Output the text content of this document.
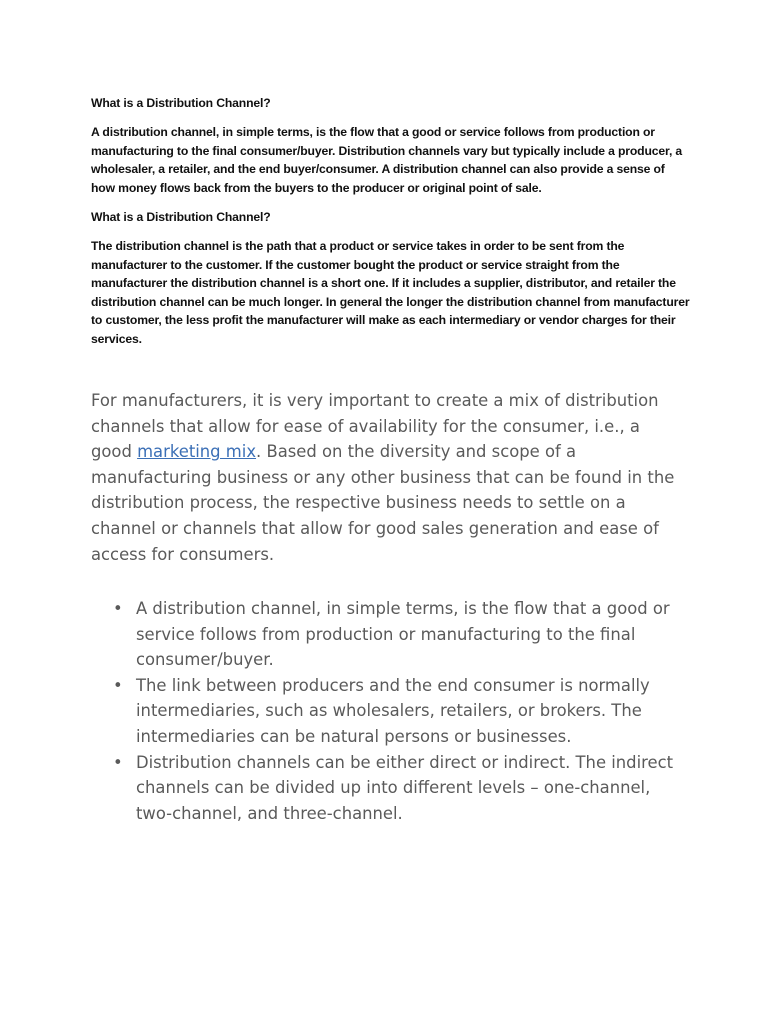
What is a Distribution Channel?

A distribution channel, in simple terms, is the flow that a good or service follows from production or manufacturing to the final consumer/buyer. Distribution channels vary but typically include a producer, a wholesaler, a retailer, and the end buyer/consumer. A distribution channel can also provide a sense of how money flows back from the buyers to the producer or original point of sale.

What is a Distribution Channel?

The distribution channel is the path that a product or service takes in order to be sent from the manufacturer to the customer. If the customer bought the product or service straight from the manufacturer the distribution channel is a short one. If it includes a supplier, distributor, and retailer the distribution channel can be much longer. In general the longer the distribution channel from manufacturer to customer, the less profit the manufacturer will make as each intermediary or vendor charges for their services.

For manufacturers, it is very important to create a mix of distribution channels that allow for ease of availability for the consumer, i.e., a good marketing mix. Based on the diversity and scope of a manufacturing business or any other business that can be found in the distribution process, the respective business needs to settle on a channel or channels that allow for good sales generation and ease of access for consumers.

• A distribution channel, in simple terms, is the flow that a good or service follows from production or manufacturing to the final consumer/buyer.
• The link between producers and the end consumer is normally intermediaries, such as wholesalers, retailers, or brokers. The intermediaries can be natural persons or businesses.
• Distribution channels can be either direct or indirect. The indirect channels can be divided up into different levels – one-channel, two-channel, and three-channel.
